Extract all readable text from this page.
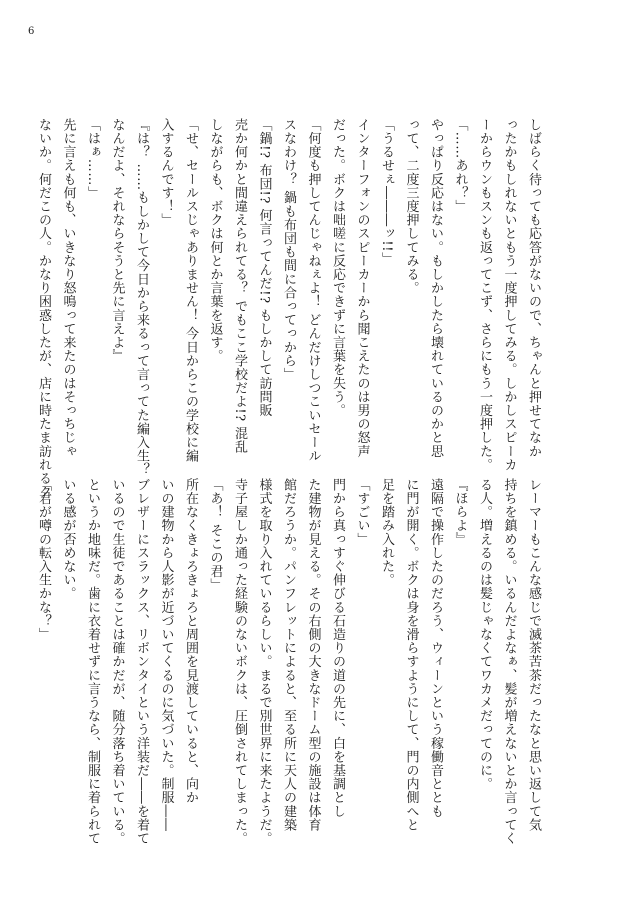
6
しばらく待っても応答がないので、ちゃんと押せてなか
ったかもしれないともう一度押してみる。しかしスピーカ
ーからウンもスンも返ってこず、さらにもう一度押した。
「……あれ？」
やっぱり反応はない。もしかしたら壊れているのかと思
って、二度三度押してみる。
「うるせぇ―――ッ!!」
インターフォンのスピーカーから聞こえたのは男の怒声
だった。ボクは咄嗟に反応できずに言葉を失う。
「何度も押してんじゃねぇよ！ どんだけしつこいセール
スなわけ？ 鍋も布団も間に合ってっから」
「鍋!? 布団!? 何言ってんだ!? もしかして訪問販
売か何かと間違えられてる？ でもここ学校だよ!? 混乱
しながらも、ボクは何とか言葉を返す。
「せ、セールスじゃありません！ 今日からこの学校に編
入するんです！」
『は？ ……もしかして今日から来るって言ってた編入生？
なんだよ、それならそうと先に言えよ』
「はぁ……」
先に言えも何も、いきなり怒鳴って来たのはそっちじゃ
ないか。何だこの人。かなり困惑したが、店に時たま訪れるク
レーマーもこんな感じで滅茶苦茶だったなと思い返して気
持ちを鎮める。いるんだよなぁ、髪が増えないとか言ってく
る人。増えるのは髪じゃなくてワカメだってのに。
『ほらよ』
遠隔で操作したのだろう、ウィーンという稼働音ととも
に門が開く。ボクは身を滑らすようにして、門の内側へと
足を踏み入れた。
「すごい」
門から真っすぐ伸びる石造りの道の先に、白を基調とし
た建物が見える。その右側の大きなドーム型の施設は体育
館だろうか。パンフレットによると、至る所に天人の建築
様式を取り入れているらしい。まるで別世界に来たようだ。
寺子屋しか通った経験のないボクは、圧倒されてしまった。
「あ！ そこの君」
所在なくきょろきょろと周囲を見渡していると、向か
いの建物から人影が近づいてくるのに気づいた。制服――
ブレザーにスラックス、リボンタイという洋装だ――を着て
いるので生徒であることは確かだが、随分落ち着いている。
というか地味だ。歯に衣着せずに言うなら、制服に着られて
いる感が否めない。
「君が噂の転入生かな？」
